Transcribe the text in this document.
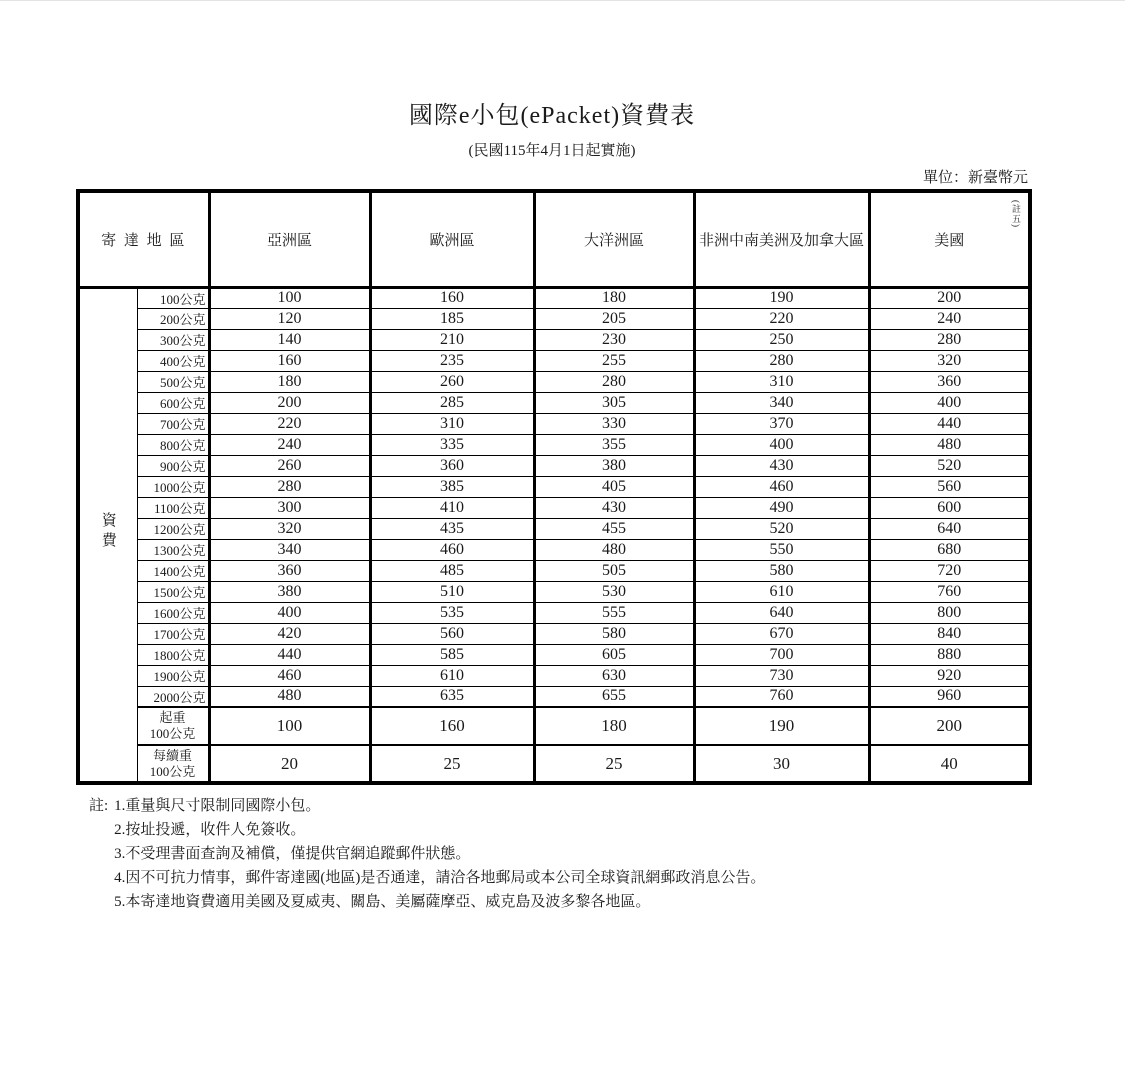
國際e小包(ePacket)資費表
(民國115年4月1日起實施)
單位：新臺幣元
寄 達 地 區		亞洲區	歐洲區	大洋洲區	非洲中南美洲及加拿大區	美國
(註五)

資費	100公克	100	160	180	190	200
	200公克	120	185	205	220	240
	300公克	140	210	230	250	280
	400公克	160	235	255	280	320
	500公克	180	260	280	310	360
	600公克	200	285	305	340	400
	700公克	220	310	330	370	440
	800公克	240	335	355	400	480
	900公克	260	360	380	430	520
	1000公克	280	385	405	460	560
	1100公克	300	410	430	490	600
	1200公克	320	435	455	520	640
	1300公克	340	460	480	550	680
	1400公克	360	485	505	580	720
	1500公克	380	510	530	610	760
	1600公克	400	535	555	640	800
	1700公克	420	560	580	670	840
	1800公克	440	585	605	700	880
	1900公克	460	610	630	730	920
	2000公克	480	635	655	760	960
	起重
100公克	100	160	180	190	200
	每續重
100公克	20	25	25	30	40
註: 1.重量與尺寸限制同國際小包。
2.按址投遞，收件人免簽收。
3.不受理書面查詢及補償，僅提供官網追蹤郵件狀態。
4.因不可抗力情事，郵件寄達國(地區)是否通達，請洽各地郵局或本公司全球資訊網郵政消息公告。
5.本寄達地資費適用美國及夏威夷、關島、美屬薩摩亞、威克島及波多黎各地區。
